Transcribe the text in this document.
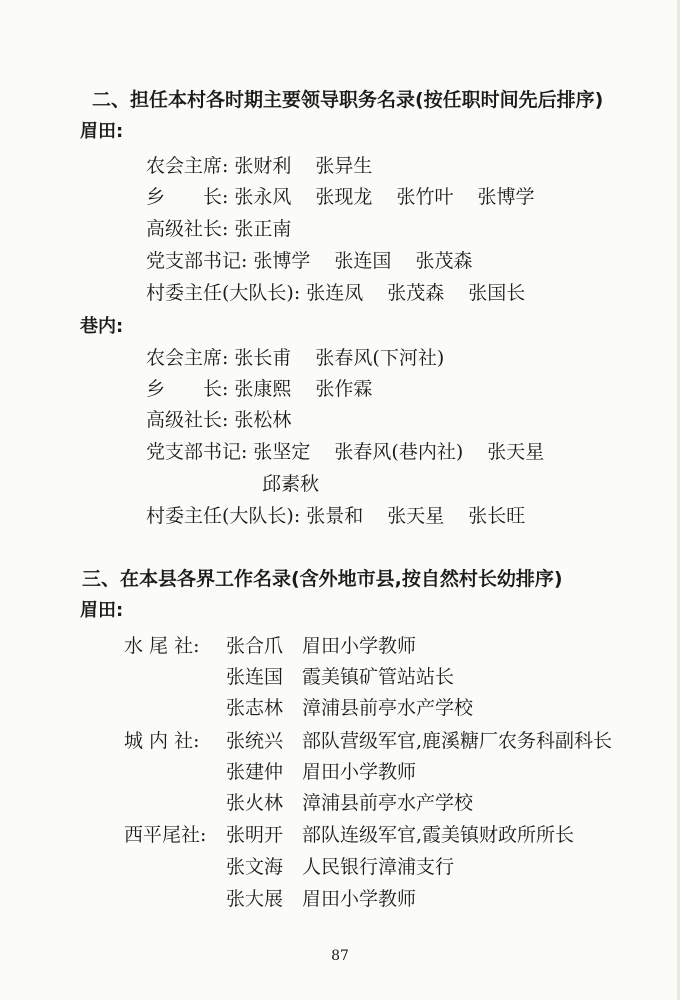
二、担任本村各时期主要领导职务名录(按任职时间先后排序)
眉田:
农会主席: 张财利 张异生
乡　　长: 张永风 张现龙 张竹叶 张博学
高级社长: 张正南
党支部书记: 张博学 张连国 张茂森
村委主任(大队长): 张连凤 张茂森 张国长
巷内:
农会主席: 张长甫 张春风(下河社)
乡　　长: 张康熙 张作霖
高级社长: 张松林
党支部书记: 张坚定 张春风(巷内社) 张天星
邱素秋
村委主任(大队长): 张景和 张天星 张长旺
三、在本县各界工作名录(含外地市县,按自然村长幼排序)
眉田:
水 尾 社: 张合爪 眉田小学教师
张连国 霞美镇矿管站站长
张志林 漳浦县前亭水产学校
城 内 社: 张统兴 部队营级军官,鹿溪糖厂农务科副科长
张建仲 眉田小学教师
张火林 漳浦县前亭水产学校
西平尾社: 张明开 部队连级军官,霞美镇财政所所长
张文海 人民银行漳浦支行
张大展 眉田小学教师
87
